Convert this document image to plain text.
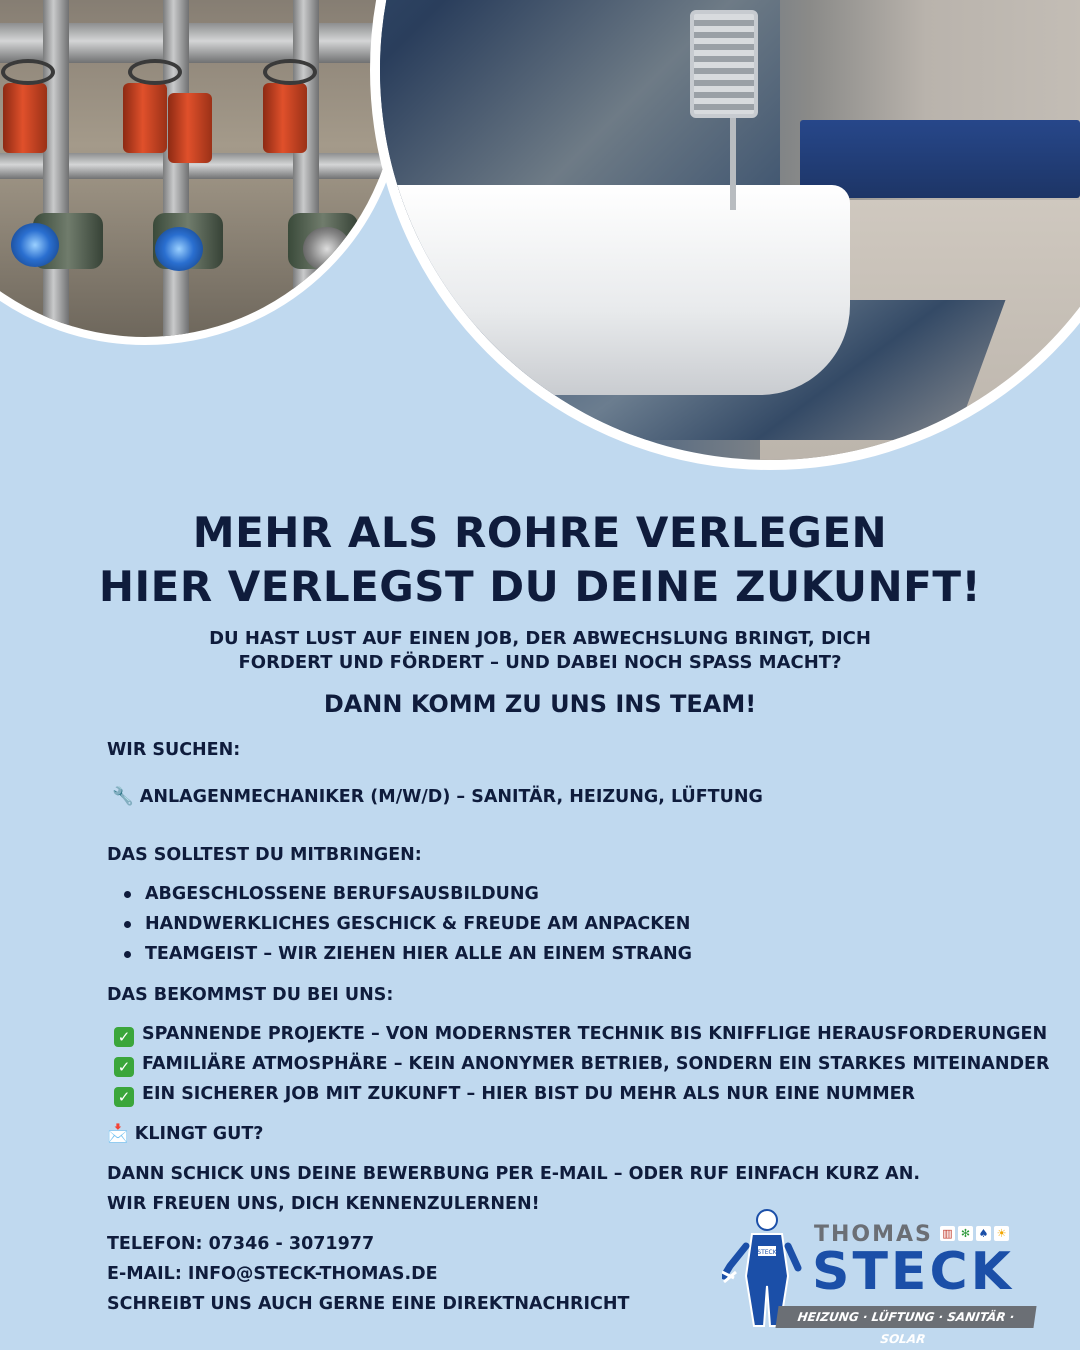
MEHR ALS ROHRE VERLEGEN
HIER VERLEGST DU DEINE ZUKUNFT!
DU HAST LUST AUF EINEN JOB, DER ABWECHSLUNG BRINGT, DICH
FORDERT UND FÖRDERT – UND DABEI NOCH SPASS MACHT?
DANN KOMM ZU UNS INS TEAM!
WIR SUCHEN:
🔧 ANLAGENMECHANIKER (M/W/D) – SANITÄR, HEIZUNG, LÜFTUNG
DAS SOLLTEST DU MITBRINGEN:
ABGESCHLOSSENE BERUFSAUSBILDUNG
HANDWERKLICHES GESCHICK & FREUDE AM ANPACKEN
TEAMGEIST – WIR ZIEHEN HIER ALLE AN EINEM STRANG
DAS BEKOMMST DU BEI UNS:
✓ SPANNENDE PROJEKTE – VON MODERNSTER TECHNIK BIS KNIFFLIGE HERAUSFORDERUNGEN
✓ FAMILIÄRE ATMOSPHÄRE – KEIN ANONYMER BETRIEB, SONDERN EIN STARKES MITEINANDER
✓ EIN SICHERER JOB MIT ZUKUNFT – HIER BIST DU MEHR ALS NUR EINE NUMMER
📩 KLINGT GUT?
DANN SCHICK UNS DEINE BEWERBUNG PER E-MAIL – ODER RUF EINFACH KURZ AN.
WIR FREUEN UNS, DICH KENNENZULERNEN!
TELEFON: 07346 - 3071977
E-MAIL: INFO@STECK-THOMAS.DE
SCHREIBT UNS AUCH GERNE EINE DIREKTNACHRICHT
STECK
THOMAS ▥ ✻ ♠ ☀
STECK
HEIZUNG · LÜFTUNG · SANITÄR · SOLAR
